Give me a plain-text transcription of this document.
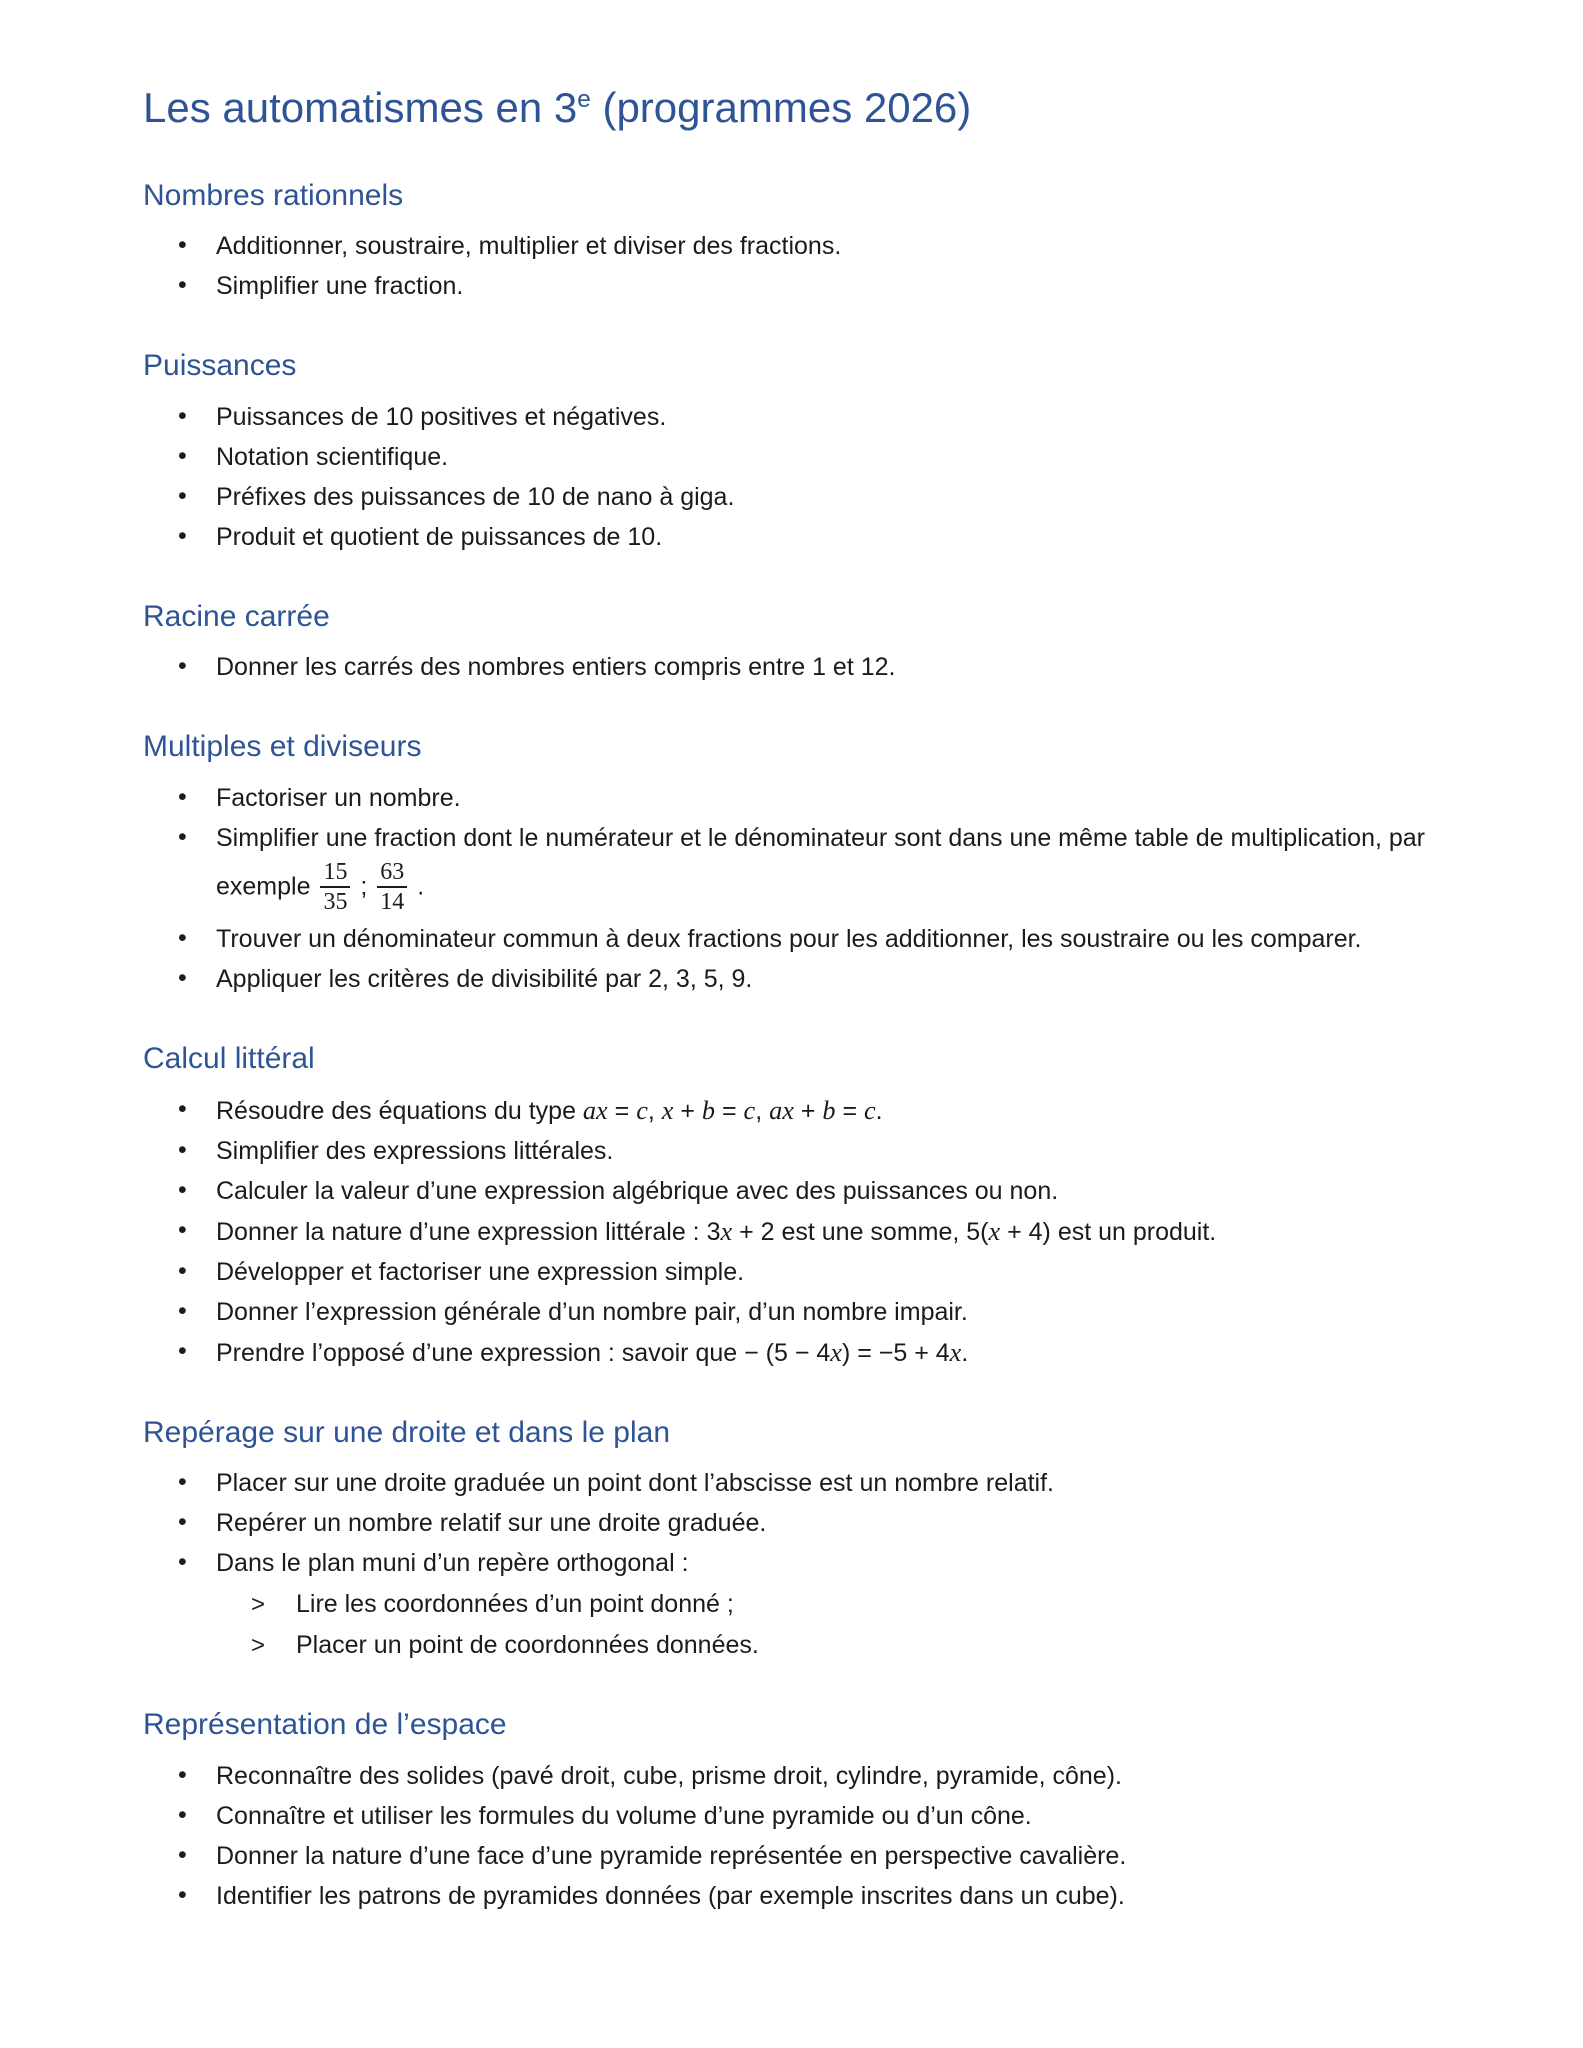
Les automatismes en 3e (programmes 2026)
Nombres rationnels
• Additionner, soustraire, multiplier et diviser des fractions.
• Simplifier une fraction.
Puissances
• Puissances de 10 positives et négatives.
• Notation scientifique.
• Préfixes des puissances de 10 de nano à giga.
• Produit et quotient de puissances de 10.
Racine carrée
• Donner les carrés des nombres entiers compris entre 1 et 12.
Multiples et diviseurs
• Factoriser un nombre.
• Simplifier une fraction dont le numérateur et le dénominateur sont dans une même table de multiplication, par exemple $\frac{15}{35}$ ; $\frac{63}{14}$ .
• Trouver un dénominateur commun à deux fractions pour les additionner, les soustraire ou les comparer.
• Appliquer les critères de divisibilité par 2, 3, 5, 9.
Calcul littéral
• Résoudre des équations du type ax = c, x + b = c, ax + b = c.
• Simplifier des expressions littérales.
• Calculer la valeur d’une expression algébrique avec des puissances ou non.
• Donner la nature d’une expression littérale : 3x + 2 est une somme, 5(x + 4) est un produit.
• Développer et factoriser une expression simple.
• Donner l’expression générale d’un nombre pair, d’un nombre impair.
• Prendre l’opposé d’une expression : savoir que − (5 − 4x) = −5 + 4x.
Repérage sur une droite et dans le plan
• Placer sur une droite graduée un point dont l’abscisse est un nombre relatif.
• Repérer un nombre relatif sur une droite graduée.
• Dans le plan muni d’un repère orthogonal :
> Lire les coordonnées d’un point donné ;
> Placer un point de coordonnées données.
Représentation de l’espace
• Reconnaître des solides (pavé droit, cube, prisme droit, cylindre, pyramide, cône).
• Connaître et utiliser les formules du volume d’une pyramide ou d’un cône.
• Donner la nature d’une face d’une pyramide représentée en perspective cavalière.
• Identifier les patrons de pyramides données (par exemple inscrites dans un cube).
